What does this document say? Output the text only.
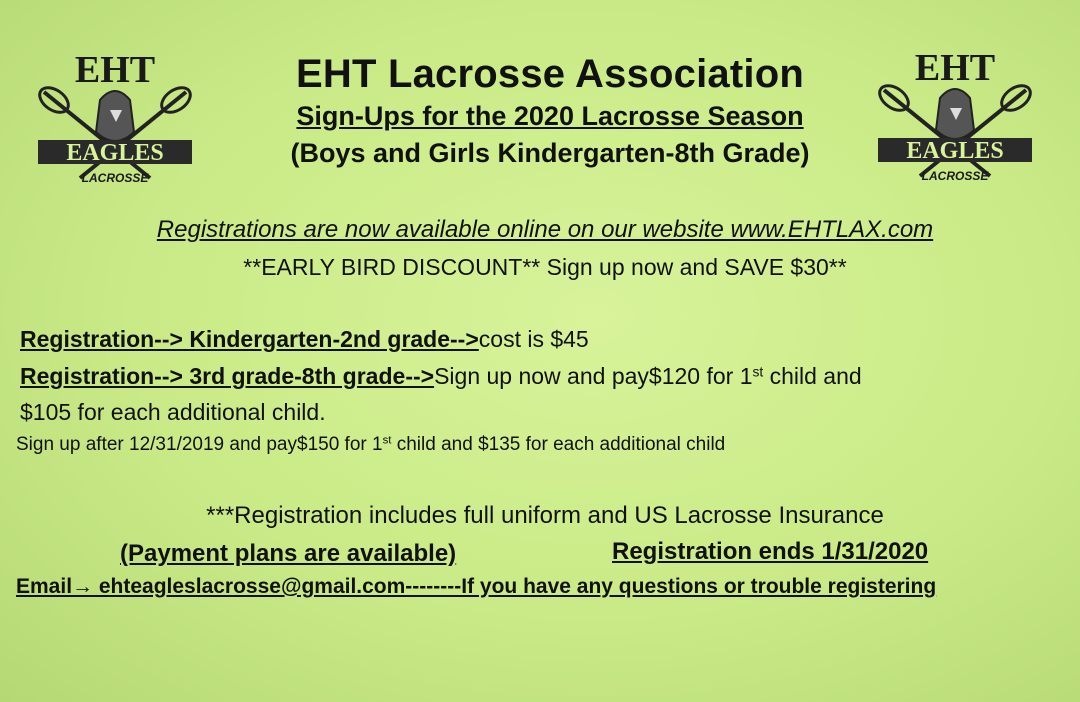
EHT
EAGLES
LACROSSE
EHT
EAGLES
LACROSSE
EHT Lacrosse Association
Sign-Ups for the 2020 Lacrosse Season
(Boys and Girls Kindergarten-8th Grade)
Registrations are now available online on our website www.EHTLAX.com
**EARLY BIRD DISCOUNT** Sign up now and SAVE $30**
Registration--> Kindergarten-2nd grade-->cost is $45
Registration--> 3rd grade-8th grade-->Sign up now and pay$120 for 1st child and
$105 for each additional child.
Sign up after 12/31/2019 and pay$150 for 1st child and $135 for each additional child
***Registration includes full uniform and US Lacrosse Insurance
(Payment plans are available)	Registration ends 1/31/2020
Email→ ehteagleslacrosse@gmail.com--------If you have any questions or trouble registering
